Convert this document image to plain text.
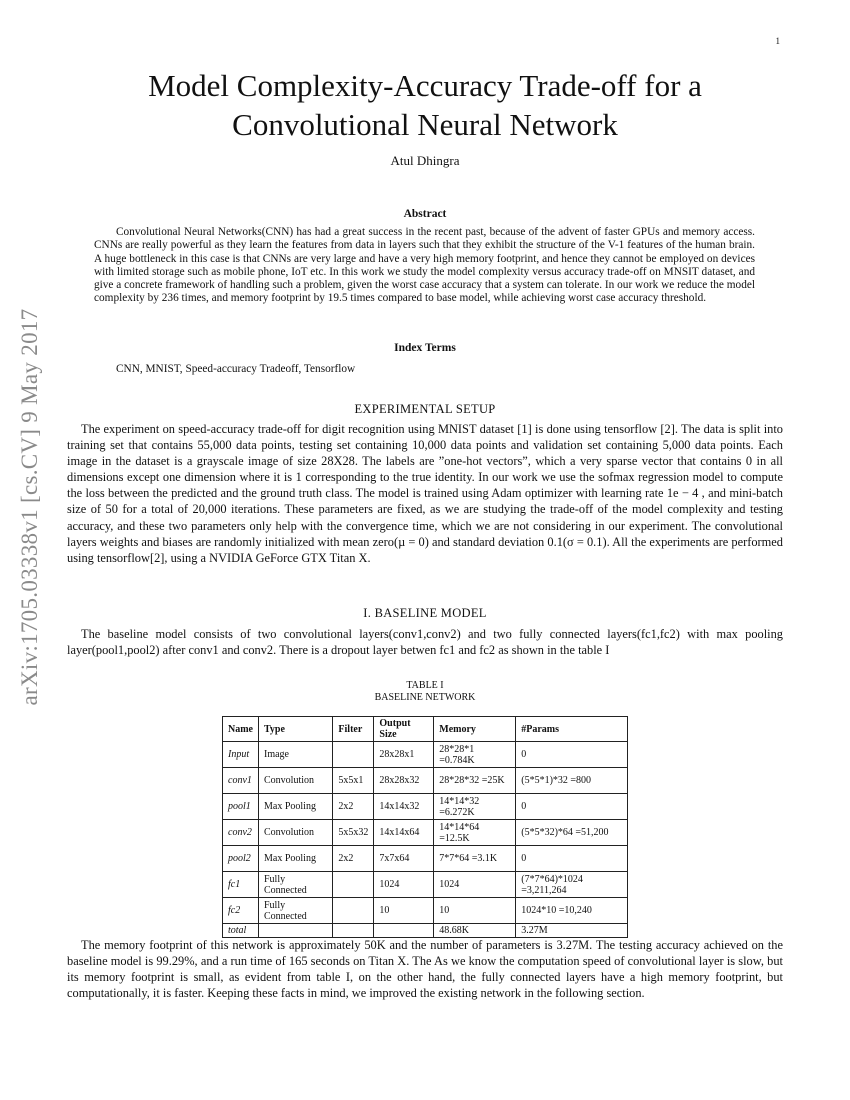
1
arXiv:1705.03338v1 [cs.CV] 9 May 2017
Model Complexity-Accuracy Trade-off for a
Convolutional Neural Network
Atul Dhingra
Abstract
Convolutional Neural Networks(CNN) has had a great success in the recent past, because of the advent of faster GPUs and memory access. CNNs are really powerful as they learn the features from data in layers such that they exhibit the structure of the V-1 features of the human brain. A huge bottleneck in this case is that CNNs are very large and have a very high memory footprint, and hence they cannot be employed on devices with limited storage such as mobile phone, IoT etc. In this work we study the model complexity versus accuracy trade-off on MNSIT dataset, and give a concrete framework of handling such a problem, given the worst case accuracy that a system can tolerate. In our work we reduce the model complexity by 236 times, and memory footprint by 19.5 times compared to base model, while achieving worst case accuracy threshold.
Index Terms
CNN, MNIST, Speed-accuracy Tradeoff, Tensorflow
EXPERIMENTAL SETUP
The experiment on speed-accuracy trade-off for digit recognition using MNIST dataset [1] is done using tensorflow [2]. The data is split into training set that contains 55,000 data points, testing set containing 10,000 data points and validation set containing 5,000 data points. Each image in the dataset is a grayscale image of size 28X28. The labels are ”one-hot vectors”, which a very sparse vector that contains 0 in all dimensions except one dimension where it is 1 corresponding to the true identity. In our work we use the sofmax regression model to compute the loss between the predicted and the ground truth class. The model is trained using Adam optimizer with learning rate 1e − 4 , and mini-batch size of 50 for a total of 20,000 iterations. These parameters are fixed, as we are studying the trade-off of the model complexity and testing accuracy, and these two parameters only help with the convergence time, which we are not considering in our experiment. The convolutional layers weights and biases are randomly initialized with mean zero(µ = 0) and standard deviation 0.1(σ = 0.1). All the experiments are performed using tensorflow[2], using a NVIDIA GeForce GTX Titan X.
I. BASELINE MODEL
The baseline model consists of two convolutional layers(conv1,conv2) and two fully connected layers(fc1,fc2) with max pooling layer(pool1,pool2) after conv1 and conv2. There is a dropout layer betwen fc1 and fc2 as shown in the table I
TABLE I
BASELINE NETWORK
Name	Type	Filter	Output Size	Memory	#Params
Input	Image		28x28x1	28*28*1 =0.784K	0
conv1	Convolution	5x5x1	28x28x32	28*28*32 =25K	(5*5*1)*32 =800
pool1	Max Pooling	2x2	14x14x32	14*14*32 =6.272K	0
conv2	Convolution	5x5x32	14x14x64	14*14*64 =12.5K	(5*5*32)*64 =51,200
pool2	Max Pooling	2x2	7x7x64	7*7*64 =3.1K	0
fc1	Fully Connected		1024	1024	(7*7*64)*1024 =3,211,264
fc2	Fully Connected		10	10	1024*10 =10,240
total				48.68K	3.27M
The memory footprint of this network is approximately 50K and the number of parameters is 3.27M. The testing accuracy achieved on the baseline model is 99.29%, and a run time of 165 seconds on Titan X. The As we know the computation speed of convolutional layer is slow, but its memory footprint is small, as evident from table I, on the other hand, the fully connected layers have a high memory footprint, but computationally, it is faster. Keeping these facts in mind, we improved the existing network in the following section.
